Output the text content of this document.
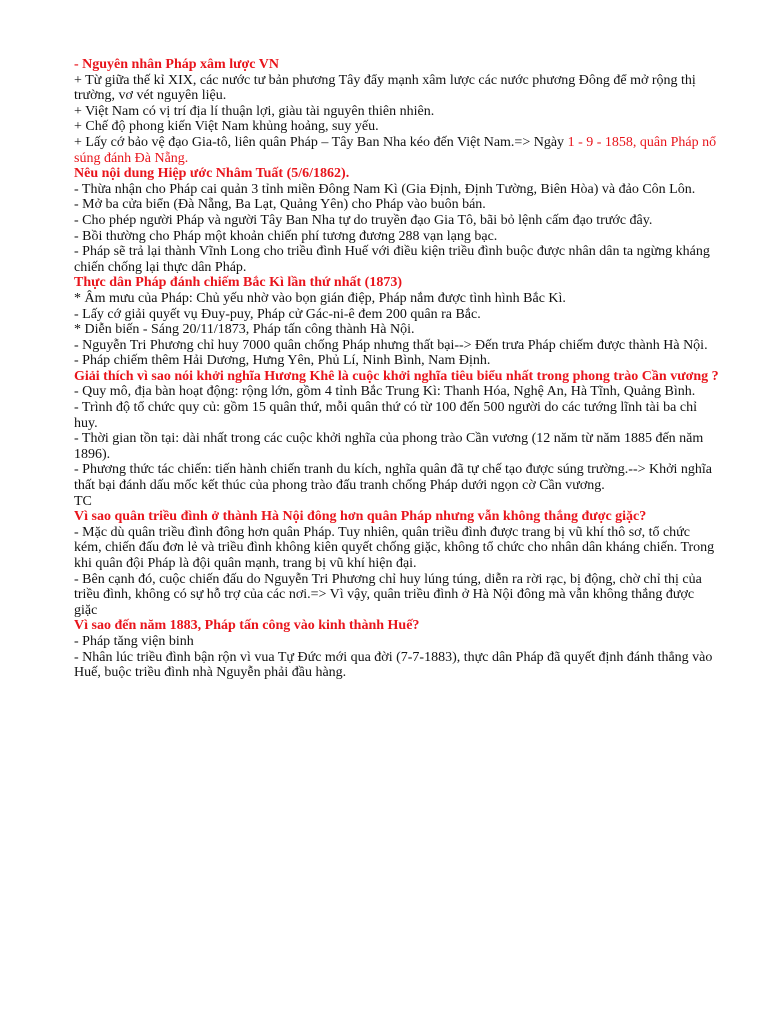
- Nguyên nhân Pháp xâm lược VN
+ Từ giữa thế kỉ XIX, các nước tư bản phương Tây đẩy mạnh xâm lược các nước phương Đông để mở rộng thị trường, vơ vét nguyên liệu.
+ Việt Nam có vị trí địa lí thuận lợi, giàu tài nguyên thiên nhiên.
+ Chế độ phong kiến Việt Nam khủng hoảng, suy yếu.
+ Lấy cớ bảo vệ đạo Gia-tô, liên quân Pháp – Tây Ban Nha kéo đến Việt Nam.=> Ngày 1 - 9 - 1858, quân Pháp nổ súng đánh Đà Nẵng.
Nêu nội dung Hiệp ước Nhâm Tuất (5/6/1862).
- Thừa nhận cho Pháp cai quản 3 tỉnh miền Đông Nam Kì (Gia Định, Định Tường, Biên Hòa) và đảo Côn Lôn.
- Mở ba cửa biển (Đà Nẵng, Ba Lạt, Quảng Yên) cho Pháp vào buôn bán.
- Cho phép người Pháp và người Tây Ban Nha tự do truyền đạo Gia Tô, bãi bỏ lệnh cấm đạo trước đây.
- Bồi thường cho Pháp một khoản chiến phí tương đương 288 vạn lạng bạc.
- Pháp sẽ trả lại thành Vĩnh Long cho triều đình Huế với điều kiện triều đình buộc được nhân dân ta ngừng kháng chiến chống lại thực dân Pháp.
Thực dân Pháp đánh chiếm Bắc Kì lần thứ nhất (1873)
* Âm mưu của Pháp: Chủ yếu nhờ vào bọn gián điệp, Pháp nắm được tình hình Bắc Kì.
- Lấy cớ giải quyết vụ Đuy-puy, Pháp cử Gác-ni-ê đem 200 quân ra Bắc.
* Diễn biến - Sáng 20/11/1873, Pháp tấn công thành Hà Nội.
- Nguyễn Tri Phương chỉ huy 7000 quân chống Pháp nhưng thất bại--> Đến trưa Pháp chiếm được thành Hà Nội.
- Pháp chiếm thêm Hải Dương, Hưng Yên, Phủ Lí, Ninh Bình, Nam Định.
Giải thích vì sao nói khởi nghĩa Hương Khê là cuộc khởi nghĩa tiêu biểu nhất trong phong trào Cần vương ?
- Quy mô, địa bàn hoạt động: rộng lớn, gồm 4 tỉnh Bắc Trung Kì: Thanh Hóa, Nghệ An, Hà Tĩnh, Quảng Bình.
- Trình độ tổ chức quy củ: gồm 15 quân thứ, mỗi quân thứ có từ 100 đến 500 người do các tướng lĩnh tài ba chỉ huy.
- Thời gian tồn tại: dài nhất trong các cuộc khởi nghĩa của phong trào Cần vương (12 năm từ năm 1885 đến năm 1896).
- Phương thức tác chiến: tiến hành chiến tranh du kích, nghĩa quân đã tự chế tạo được súng trường.--> Khởi nghĩa thất bại đánh dấu mốc kết thúc của phong trào đấu tranh chống Pháp dưới ngọn cờ Cần vương.
TC
Vì sao quân triều đình ở thành Hà Nội đông hơn quân Pháp nhưng vẫn không thắng được giặc?
- Mặc dù quân triều đình đông hơn quân Pháp. Tuy nhiên, quân triều đình được trang bị vũ khí thô sơ, tổ chức kém, chiến đấu đơn lẻ và triều đình không kiên quyết chống giặc, không tổ chức cho nhân dân kháng chiến. Trong khi quân đội Pháp là đội quân mạnh, trang bị vũ khí hiện đại.
- Bên cạnh đó, cuộc chiến đấu do Nguyễn Tri Phương chỉ huy lúng túng, diễn ra rời rạc, bị động, chờ chỉ thị của triều đình, không có sự hỗ trợ của các nơi.=> Vì vậy, quân triều đình ở Hà Nội đông mà vẫn không thắng được giặc
Vì sao đến năm 1883, Pháp tấn công vào kinh thành Huế?
- Pháp tăng viện binh
- Nhân lúc triều đình bận rộn vì vua Tự Đức mới qua đời (7-7-1883), thực dân Pháp đã quyết định đánh thẳng vào Huế, buộc triều đình nhà Nguyễn phải đầu hàng.
